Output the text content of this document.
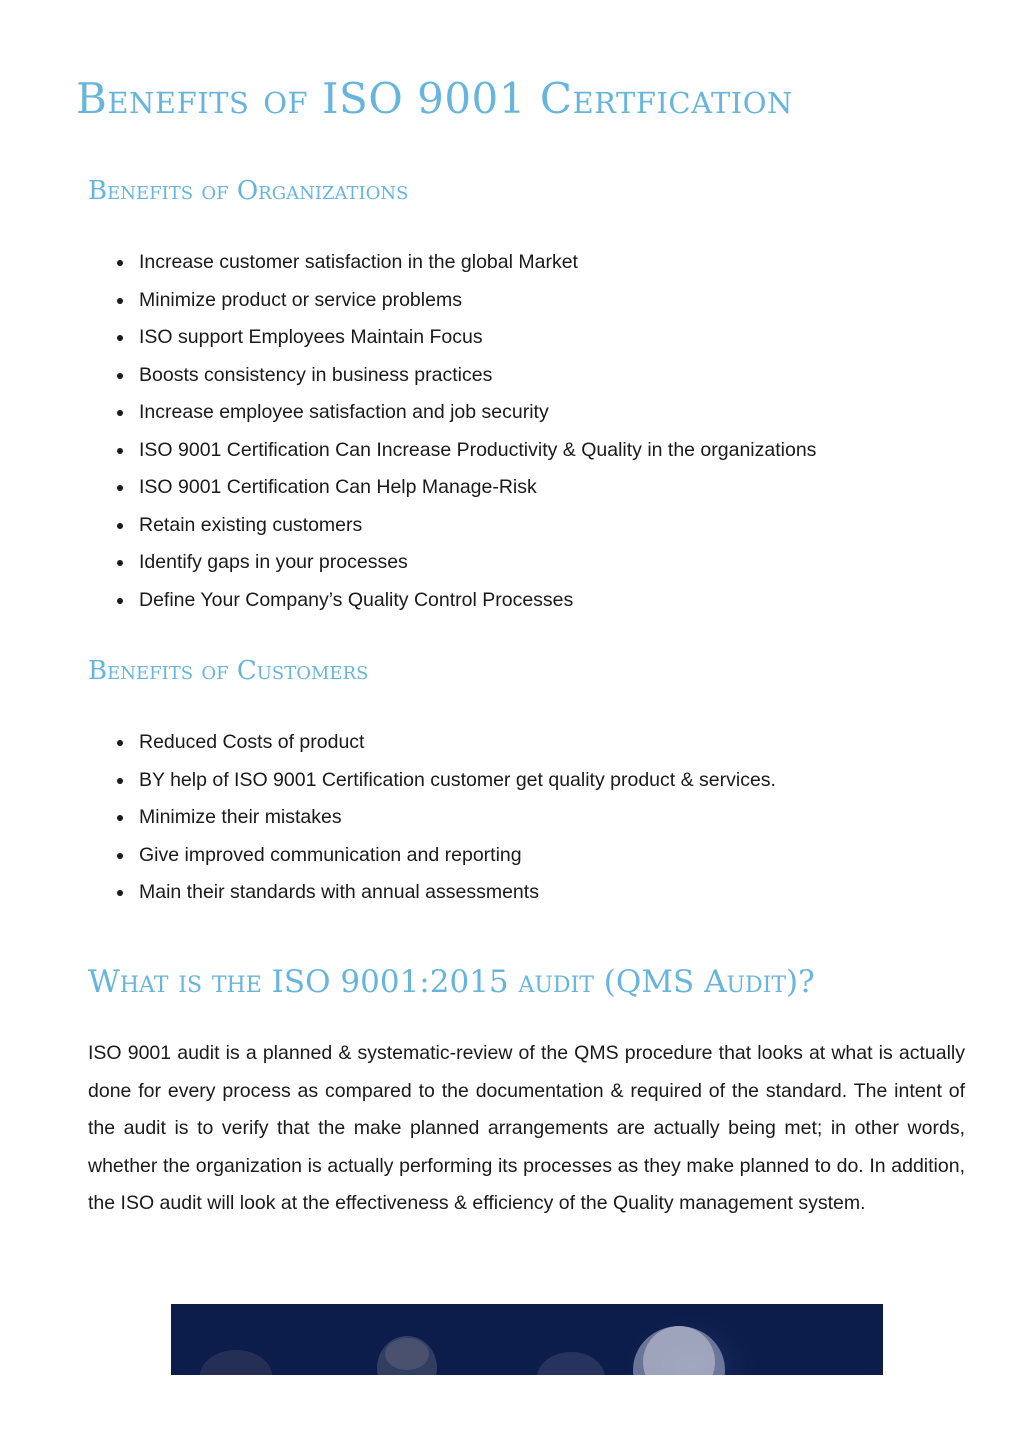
Benefits of ISO 9001 Certfication
Benefits of Organizations
Increase customer satisfaction in the global Market
Minimize product or service problems
ISO support Employees Maintain Focus
Boosts consistency in business practices
Increase employee satisfaction and job security
ISO 9001 Certification Can Increase Productivity & Quality in the organizations
ISO 9001 Certification Can Help Manage-Risk
Retain existing customers
Identify gaps in your processes
Define Your Company’s Quality Control Processes
Benefits of Customers
Reduced Costs of product
BY help of ISO 9001 Certification customer get quality product & services.
Minimize their mistakes
Give improved communication and reporting
Main their standards with annual assessments
What is the ISO 9001:2015 audit (QMS Audit)?

ISO 9001 audit is a planned & systematic-review of the QMS procedure that looks at what is actually done for every process as compared to the documentation & required of the standard. The intent of the audit is to verify that the make planned arrangements are actually being met; in other words, whether the organization is actually performing its processes as they make planned to do. In addition, the ISO audit will look at the effectiveness & efficiency of the Quality management system.
